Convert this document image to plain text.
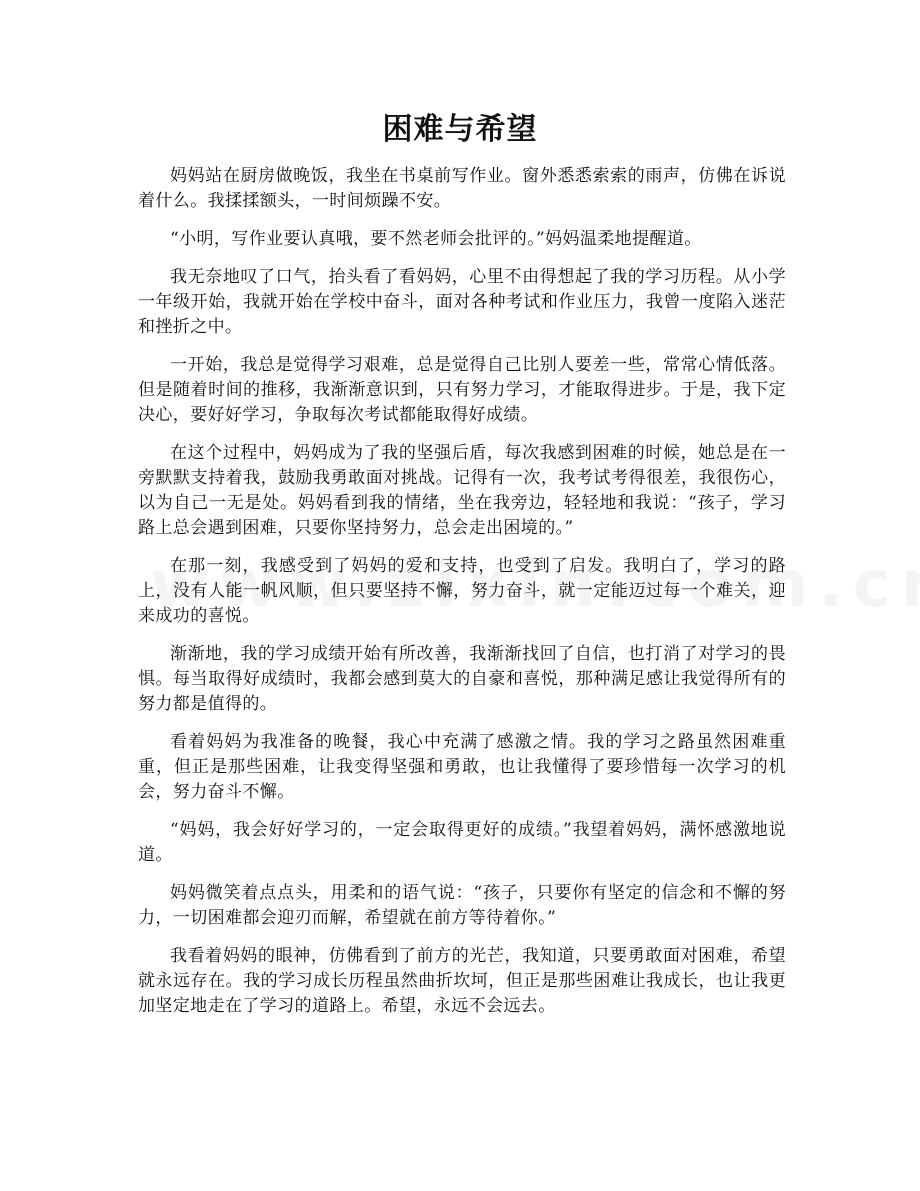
困难与希望

妈妈站在厨房做晚饭，我坐在书桌前写作业。窗外悉悉索索的雨声，仿佛在诉说着什么。我揉揉额头，一时间烦躁不安。

“小明，写作业要认真哦，要不然老师会批评的。”妈妈温柔地提醒道。

我无奈地叹了口气，抬头看了看妈妈，心里不由得想起了我的学习历程。从小学一年级开始，我就开始在学校中奋斗，面对各种考试和作业压力，我曾一度陷入迷茫和挫折之中。

一开始，我总是觉得学习艰难，总是觉得自己比别人要差一些，常常心情低落。但是随着时间的推移，我渐渐意识到，只有努力学习，才能取得进步。于是，我下定决心，要好好学习，争取每次考试都能取得好成绩。

在这个过程中，妈妈成为了我的坚强后盾，每次我感到困难的时候，她总是在一旁默默支持着我，鼓励我勇敢面对挑战。记得有一次，我考试考得很差，我很伤心，以为自己一无是处。妈妈看到我的情绪，坐在我旁边，轻轻地和我说：“孩子，学习路上总会遇到困难，只要你坚持努力，总会走出困境的。”

在那一刻，我感受到了妈妈的爱和支持，也受到了启发。我明白了，学习的路上，没有人能一帆风顺，但只要坚持不懈，努力奋斗，就一定能迈过每一个难关，迎来成功的喜悦。

渐渐地，我的学习成绩开始有所改善，我渐渐找回了自信，也打消了对学习的畏惧。每当取得好成绩时，我都会感到莫大的自豪和喜悦，那种满足感让我觉得所有的努力都是值得的。

看着妈妈为我准备的晚餐，我心中充满了感激之情。我的学习之路虽然困难重重，但正是那些困难，让我变得坚强和勇敢，也让我懂得了要珍惜每一次学习的机会，努力奋斗不懈。

“妈妈，我会好好学习的，一定会取得更好的成绩。”我望着妈妈，满怀感激地说道。

妈妈微笑着点点头，用柔和的语气说：“孩子，只要你有坚定的信念和不懈的努力，一切困难都会迎刃而解，希望就在前方等待着你。”

我看着妈妈的眼神，仿佛看到了前方的光芒，我知道，只要勇敢面对困难，希望就永远存在。我的学习成长历程虽然曲折坎坷，但正是那些困难让我成长，也让我更加坚定地走在了学习的道路上。希望，永远不会远去。
